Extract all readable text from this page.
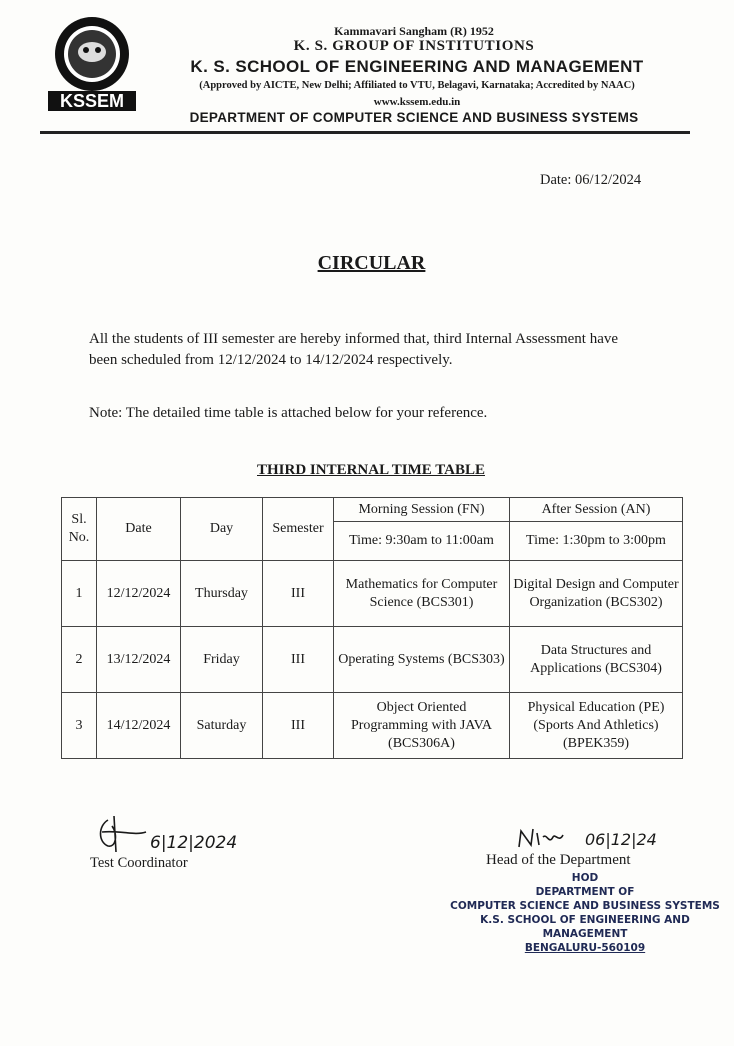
KSSEM
Kammavari Sangham (R) 1952
K. S. GROUP OF INSTITUTIONS
K. S. SCHOOL OF ENGINEERING AND MANAGEMENT
(Approved by AICTE, New Delhi; Affiliated to VTU, Belagavi, Karnataka; Accredited by NAAC)
www.kssem.edu.in
DEPARTMENT OF COMPUTER SCIENCE AND BUSINESS SYSTEMS
Date: 06/12/2024
CIRCULAR
All the students of III semester are hereby informed that, third Internal Assessment have been scheduled from 12/12/2024 to 14/12/2024 respectively.
Note: The detailed time table is attached below for your reference.
THIRD INTERNAL TIME TABLE
Sl. No.	Date	Day	Semester	Morning Session (FN)	After Session (AN)
				Time: 9:30am to 11:00am	Time: 1:30pm to 3:00pm
1	12/12/2024	Thursday	III	Mathematics for Computer Science (BCS301)	Digital Design and Computer Organization (BCS302)
2	13/12/2024	Friday	III	Operating Systems (BCS303)	Data Structures and Applications (BCS304)
3	14/12/2024	Saturday	III	Object Oriented Programming with JAVA (BCS306A)	Physical Education (PE) (Sports And Athletics) (BPEK359)
6|12|2024
Test Coordinator
06|12|24
Head of the Department
HOD
DEPARTMENT OF
COMPUTER SCIENCE AND BUSINESS SYSTEMS
K.S. SCHOOL OF ENGINEERING AND MANAGEMENT
BENGALURU-560109
